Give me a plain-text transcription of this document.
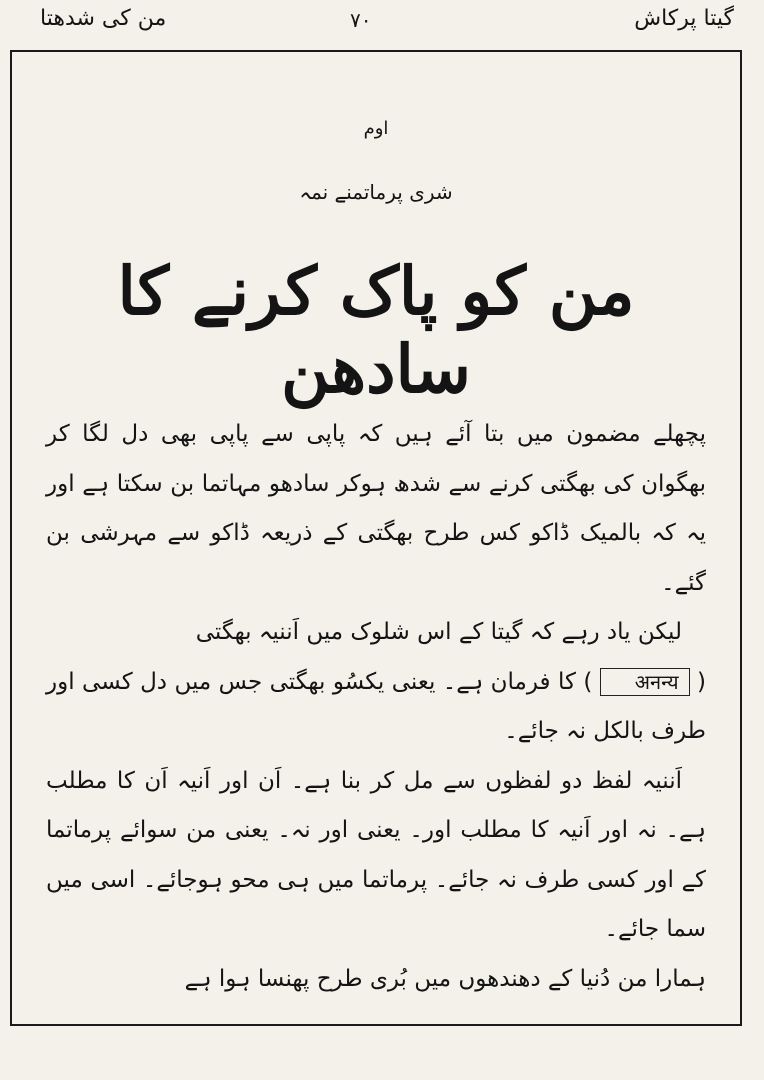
گیتا پرکاش
۷۰
من کی شدھتا
اوم
شری پرماتمنے نمہ
من کو پاک کرنے کا سادھن

پچھلے مضمون میں بتا آئے ہیں کہ پاپی سے پاپی بھی دل لگا کر بھگوان کی بھگتی کرنے سے شدھ ہوکر سادھو مہاتما بن سکتا ہے اور یہ کہ بالمیک ڈاکو کس طرح بھگتی کے ذریعہ ڈاکو سے مہرشی بن گئے۔

لیکن یاد رہے کہ گیتا کے اس شلوک میں اَننیہ بھگتی
( अनन्य ) کا فرمان ہے۔ یعنی یکسُو بھگتی جس میں دل کسی اور طرف بالکل نہ جائے۔

اَننیہ لفظ دو لفظوں سے مل کر بنا ہے۔ اَن اور اَنیہ اَن کا مطلب ہے۔ نہ اور اَنیہ کا مطلب اور۔ یعنی اور نہ۔ یعنی من سوائے پرماتما کے اور کسی طرف نہ جائے۔ پرماتما میں ہی محو ہوجائے۔ اسی میں سما جائے۔

ہمارا من دُنیا کے دھندھوں میں بُری طرح پھنسا ہوا ہے
